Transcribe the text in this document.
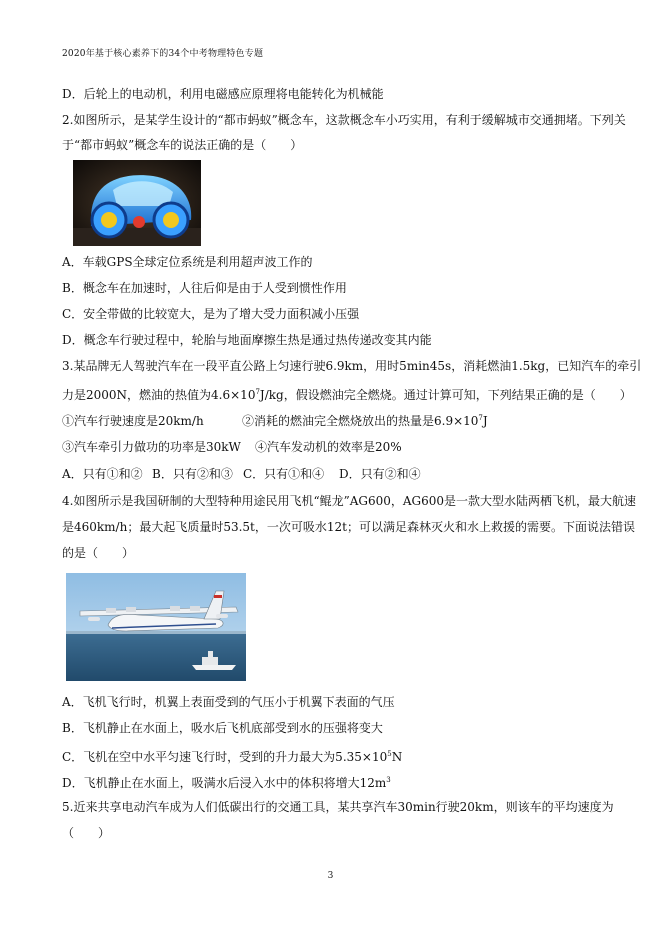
2020年基于核心素养下的34个中考物理特色专题
D．后轮上的电动机，利用电磁感应原理将电能转化为机械能
2.如图所示，是某学生设计的“都市蚂蚁”概念车，这款概念车小巧实用，有利于缓解城市交通拥堵。下列关
于“都市蚂蚁”概念车的说法正确的是（　　）
A．车载GPS全球定位系统是利用超声波工作的
B．概念车在加速时，人往后仰是由于人受到惯性作用
C．安全带做的比较宽大，是为了增大受力面积减小压强
D．概念车行驶过程中，轮胎与地面摩擦生热是通过热传递改变其内能
3.某品牌无人驾驶汽车在一段平直公路上匀速行驶6.9km，用时5min45s，消耗燃油1.5kg，已知汽车的牵引
力是2000N，燃油的热值为$4.6\times 10^7J/kg$，假设燃油完全燃烧。通过计算可知，下列结果正确的是（　　）
①汽车行驶速度是20km/h	②消耗的燃油完全燃烧放出的热量是$6.9\times 10^7J$
③汽车牵引力做功的功率是30kW ④汽车发动机的效率是20%
A．只有①和② B．只有②和③ C．只有①和④ D．只有②和④
4.如图所示是我国研制的大型特种用途民用飞机“鲲龙”AG600，AG600是一款大型水陆两栖飞机，最大航速
是460km/h；最大起飞质量时53.5t，一次可吸水12t；可以满足森林灭火和水上救援的需要。下面说法错误
的是（　　）
A．飞机飞行时，机翼上表面受到的气压小于机翼下表面的气压
B．飞机静止在水面上，吸水后飞机底部受到水的压强将变大
C．飞机在空中水平匀速飞行时，受到的升力最大为$5.35\times 10^5N$
D．飞机静止在水面上，吸满水后浸入水中的体积将增大$12m^3$
5.近来共享电动汽车成为人们低碳出行的交通工具，某共享汽车30min行驶20km，则该车的平均速度为
（　　）
3
